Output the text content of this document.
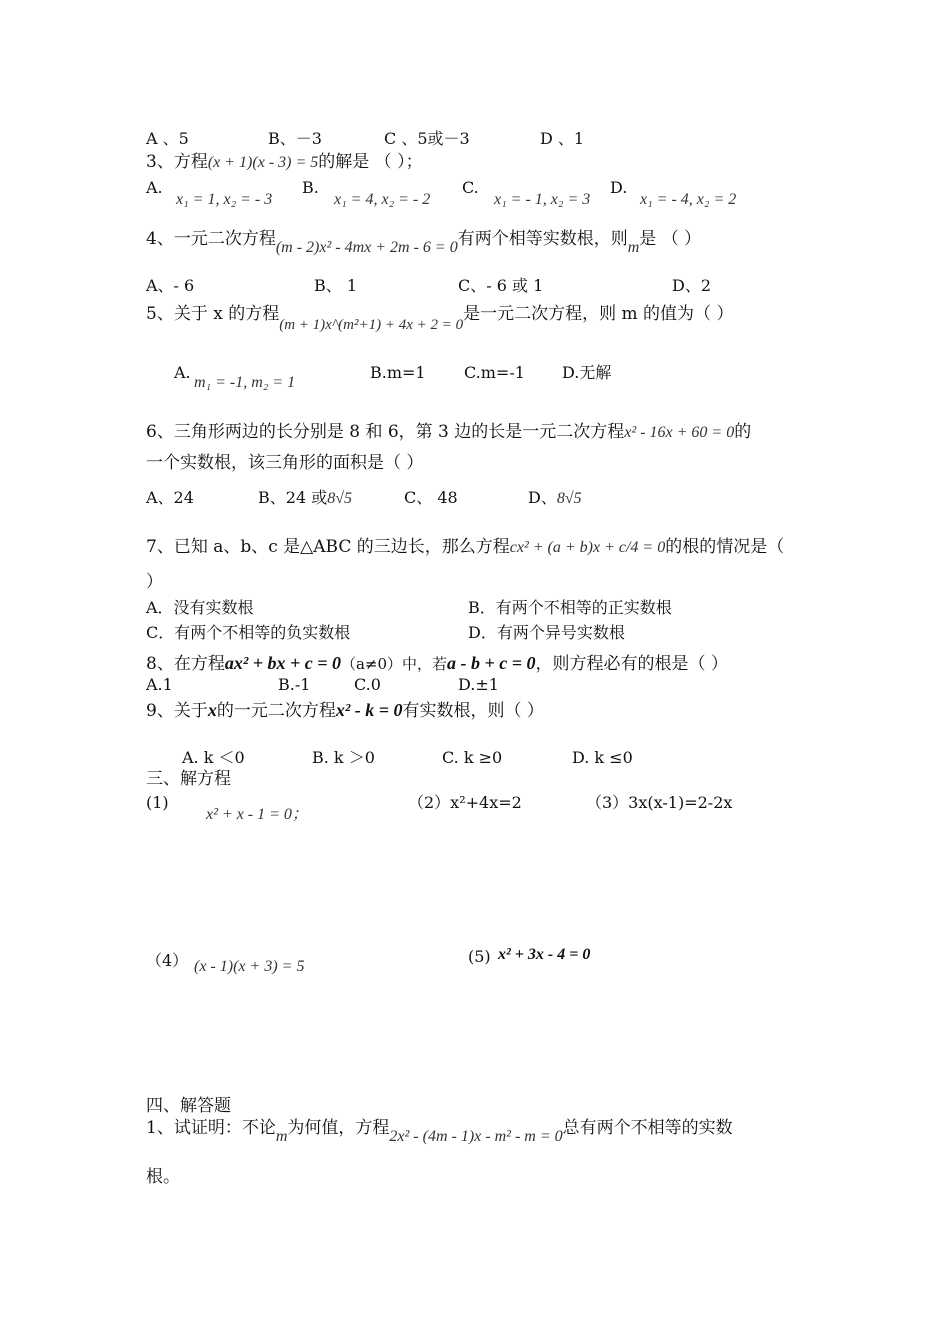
A 、5	B、－3	C 、5或－3	D 、1
3、方程(x + 1)(x - 3) = 5的解是 （ ）；
A.
x₁ = 1, x₂ = - 3
B.
x₁ = 4, x₂ = - 2
C.
x₁ = - 1, x₂ = 3
D.
x₁ = - 4, x₂ = 2
4、一元二次方程(m - 2)x² - 4mx + 2m - 6 = 0有两个相等实数根，则m是 （ ）
A、- 6	B、 1	C、- 6 或 1	D、2
5、关于 x 的方程(m + 1)x^(m²+1) + 4x + 2 = 0是一元二次方程，则 m 的值为（ ）
A.
m₁ = -1, m₂ = 1
B.m=1 C.m=-1 D.无解
6、三角形两边的长分别是 8 和 6，第 3 边的长是一元二次方程x² - 16x + 60 = 0的
一个实数根，该三角形的面积是（ ）
A、24	B、24 或8√5	C、 48	D、8√5
7、已知 a、b、c 是△ABC 的三边长，那么方程cx² + (a + b)x + c/4 = 0的根的情况是（
）
A．没有实数根	B．有两个不相等的正实数根
C．有两个不相等的负实数根	D．有两个异号实数根
8、在方程ax² + bx + c = 0（a≠0）中，若a - b + c = 0，则方程必有的根是（ ）
A.1	B.-1	C.0	D.±1
9、关于x的一元二次方程x² - k = 0有实数根，则（ ）
A. k ＜0	B. k ＞0	C. k ≥0	D. k ≤0
三、解方程
(1)
x² + x - 1 = 0；
（2）x²+4x=2	（3）3x(x-1)=2-2x
（4） (x - 1)(x + 3) = 5
(5) x² + 3x - 4 = 0
四、解答题
1、试证明：不论m为何值，方程2x² - (4m - 1)x - m² - m = 0总有两个不相等的实数
根。
